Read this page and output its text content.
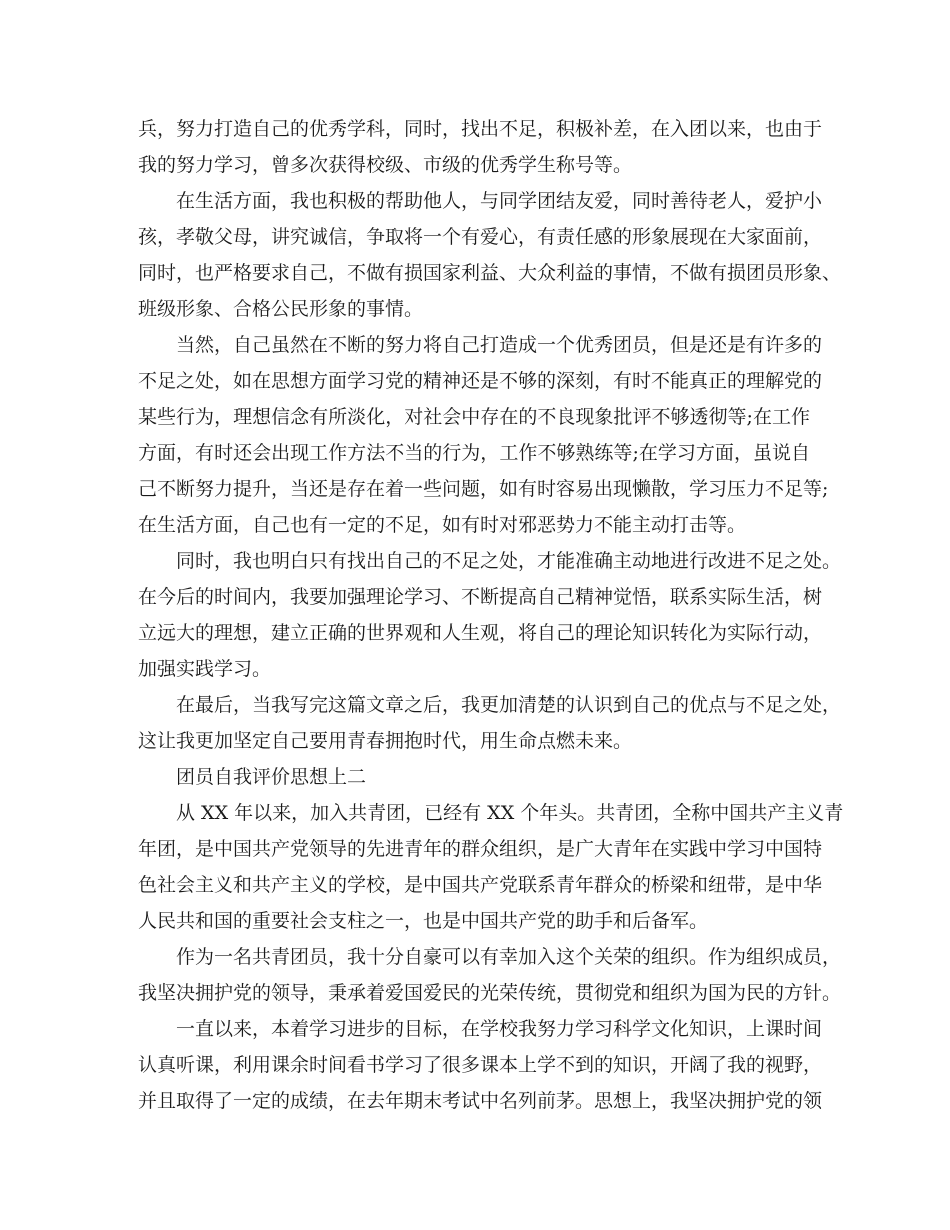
兵，努力打造自己的优秀学科，同时，找出不足，积极补差，在入团以来，也由于
我的努力学习，曾多次获得校级、市级的优秀学生称号等。
在生活方面，我也积极的帮助他人，与同学团结友爱，同时善待老人，爱护小
孩，孝敬父母，讲究诚信，争取将一个有爱心，有责任感的形象展现在大家面前，
同时，也严格要求自己，不做有损国家利益、大众利益的事情，不做有损团员形象、
班级形象、合格公民形象的事情。
当然，自己虽然在不断的努力将自己打造成一个优秀团员，但是还是有许多的
不足之处，如在思想方面学习党的精神还是不够的深刻，有时不能真正的理解党的
某些行为，理想信念有所淡化，对社会中存在的不良现象批评不够透彻等;在工作
方面，有时还会出现工作方法不当的行为，工作不够熟练等;在学习方面，虽说自
己不断努力提升，当还是存在着一些问题，如有时容易出现懒散，学习压力不足等;
在生活方面，自己也有一定的不足，如有时对邪恶势力不能主动打击等。
同时，我也明白只有找出自己的不足之处，才能准确主动地进行改进不足之处。
在今后的时间内，我要加强理论学习、不断提高自己精神觉悟，联系实际生活，树
立远大的理想，建立正确的世界观和人生观，将自己的理论知识转化为实际行动，
加强实践学习。
在最后，当我写完这篇文章之后，我更加清楚的认识到自己的优点与不足之处，
这让我更加坚定自己要用青春拥抱时代，用生命点燃未来。
团员自我评价思想上二
从 XX 年以来，加入共青团，已经有 XX 个年头。共青团，全称中国共产主义青
年团，是中国共产党领导的先进青年的群众组织，是广大青年在实践中学习中国特
色社会主义和共产主义的学校，是中国共产党联系青年群众的桥梁和纽带，是中华
人民共和国的重要社会支柱之一，也是中国共产党的助手和后备军。
作为一名共青团员，我十分自豪可以有幸加入这个关荣的组织。作为组织成员，
我坚决拥护党的领导，秉承着爱国爱民的光荣传统，贯彻党和组织为国为民的方针。
一直以来，本着学习进步的目标，在学校我努力学习科学文化知识，上课时间
认真听课，利用课余时间看书学习了很多课本上学不到的知识，开阔了我的视野，
并且取得了一定的成绩，在去年期末考试中名列前茅。思想上，我坚决拥护党的领
